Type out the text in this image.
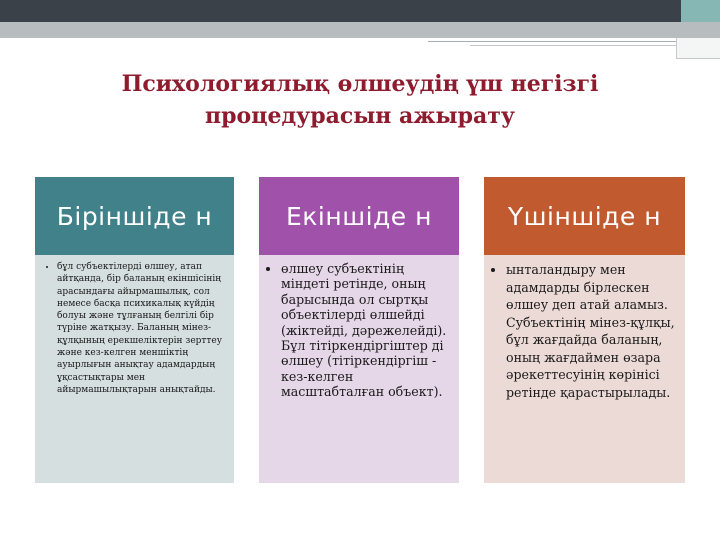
Психологиялық өлшеудің үш негізгі
процедурасын ажырату
Біріншіде н
• бұл субъектілерді өлшеу, атап айтқанда, бір баланың екіншісінің арасындағы айырмашылық, сол немесе басқа психикалық күйдің болуы және тұлғаның белгілі бір түріне жатқызу. Баланың мінез-құлқының ерекшеліктерін зерттеу және кез-келген меншіктің ауырлығын анықтау адамдардың ұқсастықтары мен айырмашылықтарын анықтайды.
Екіншіде н
• өлшеу субъектінің міндеті ретінде, оның барысында ол сыртқы объектілерді өлшейді (жіктейді, дәрежелейді). Бұл тітіркендіргіштер ді өлшеу (тітіркендіргіш - кез-келген масштабталған объект).
Үшіншіде н
• ынталандыру мен адамдарды бірлескен өлшеу деп атай аламыз. Субъектінің мінез-құлқы, бұл жағдайда баланың, оның жағдаймен өзара әрекеттесуінің көрінісі ретінде қарастырылады.
